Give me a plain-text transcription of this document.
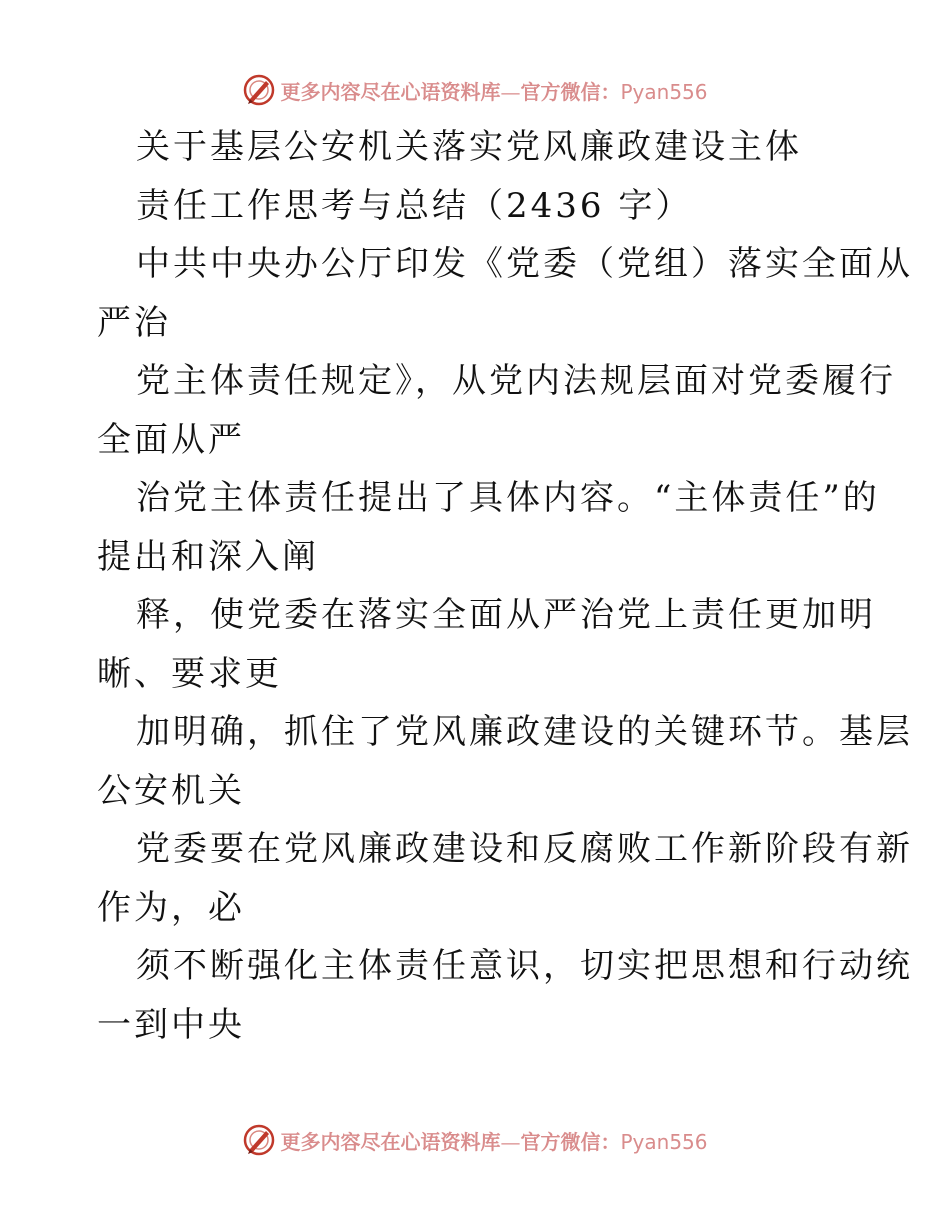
更多内容尽在心语资料库—官方微信：Pyan556
关于基层公安机关落实党风廉政建设主体
责任工作思考与总结（2436 字）
中共中央办公厅印发《党委（党组）落实全面从
严治
党主体责任规定》，从党内法规层面对党委履行
全面从严
治党主体责任提出了具体内容。“主体责任”的
提出和深入阐
释，使党委在落实全面从严治党上责任更加明
晰、要求更
加明确，抓住了党风廉政建设的关键环节。基层
公安机关
党委要在党风廉政建设和反腐败工作新阶段有新
作为，必
须不断强化主体责任意识，切实把思想和行动统
一到中央
更多内容尽在心语资料库—官方微信：Pyan556
